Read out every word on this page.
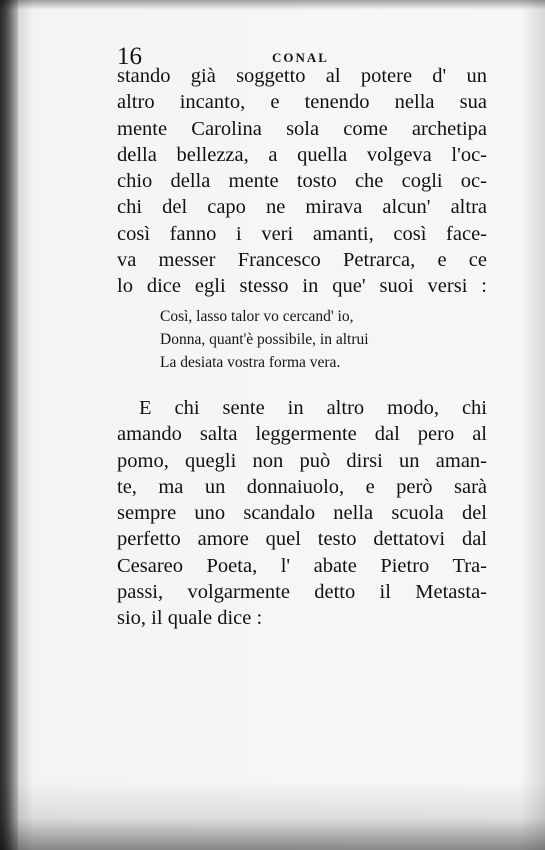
16	CONAL
stando già soggetto al potere d' un
altro incanto, e tenendo nella sua
mente Carolina sola come archetipa
della bellezza, a quella volgeva l'oc-
chio della mente tosto che cogli oc-
chi del capo ne mirava alcun' altra
così fanno i veri amanti, così face-
va messer Francesco Petrarca, e ce
lo dice egli stesso in que' suoi versi :
Così, lasso talor vo cercand' io,
Donna, quant'è possibile, in altrui
La desiata vostra forma vera.
E chi sente in altro modo, chi
amando salta leggermente dal pero al
pomo, quegli non può dirsi un aman-
te, ma un donnaiuolo, e però sarà
sempre uno scandalo nella scuola del
perfetto amore quel testo dettatovi dal
Cesareo Poeta, l' abate Pietro Tra-
passi, volgarmente detto il Metasta-
sio, il quale dice :
